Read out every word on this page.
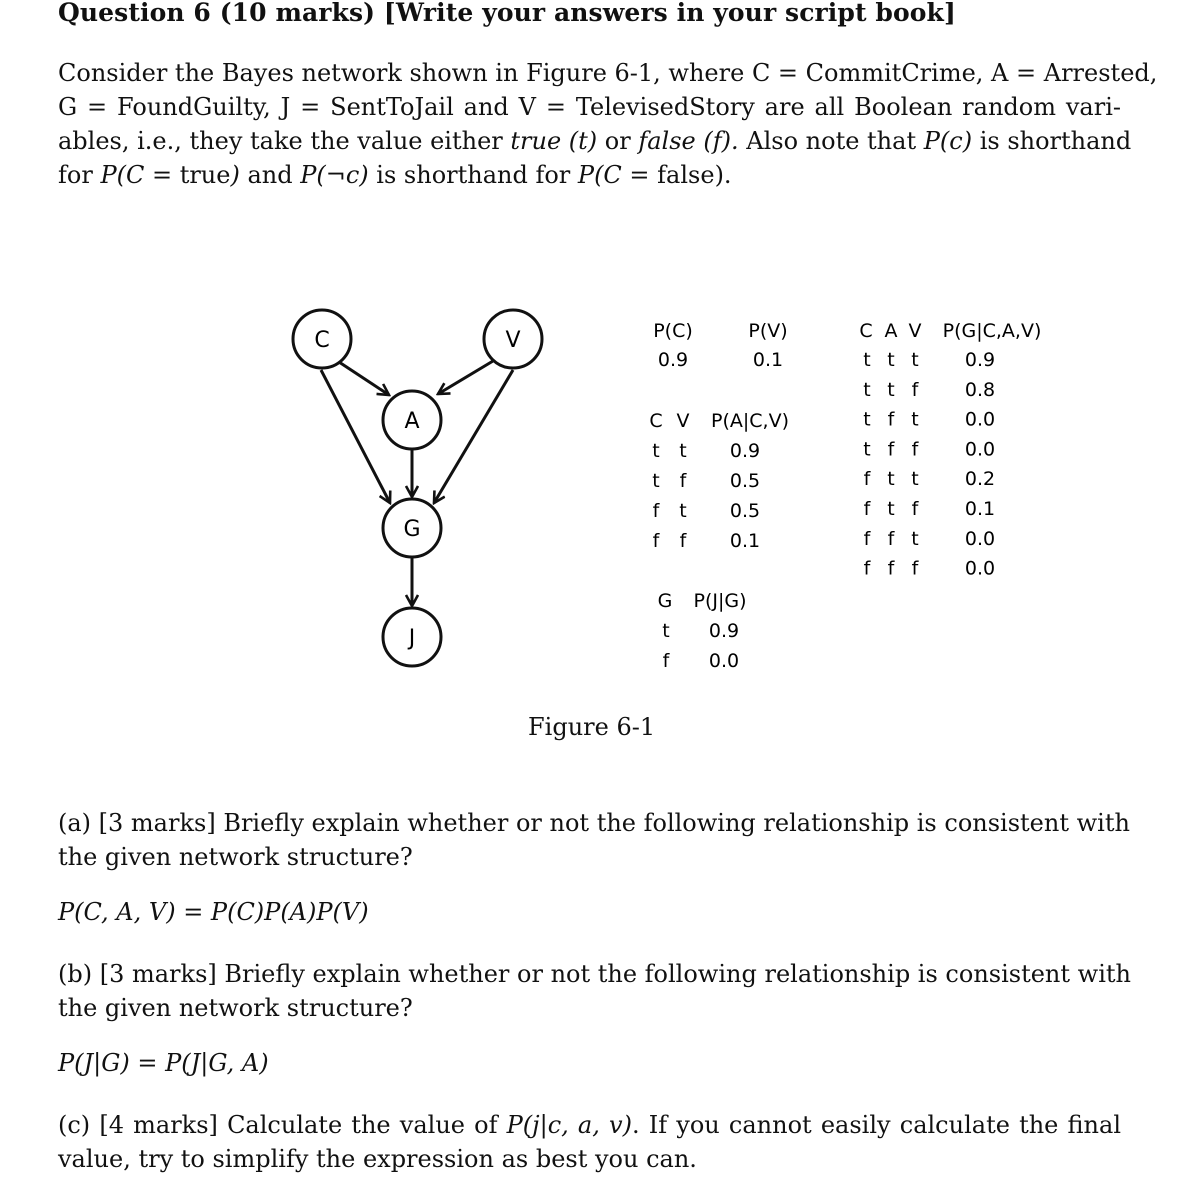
Question 6 (10 marks) [Write your answers in your script book]
Consider the Bayes network shown in Figure 6-1, where C = CommitCrime, A = Arrested,
G = FoundGuilty, J = SentToJail and V = TelevisedStory are all Boolean random vari-
ables, i.e., they take the value either true (t) or false (f). Also note that P(c) is shorthand
for P(C = true) and P(¬c) is shorthand for P(C = false).
C	V
A
G
J
P(C)	P(V)
0.9	0.1
C V P(A|C,V)
t t 0.9
t f 0.5
f t 0.5
f f 0.1
G P(J|G)
t 0.9
f 0.0
C A V P(G|C,A,V)
t t t 0.9
t t f 0.8
t f t 0.0
t f f 0.0
f t t 0.2
f t f 0.1
f f t 0.0
f f f 0.0
Figure 6-1
(a) [3 marks] Briefly explain whether or not the following relationship is consistent with
the given network structure?
P(C, A, V) = P(C)P(A)P(V)
(b) [3 marks] Briefly explain whether or not the following relationship is consistent with
the given network structure?
P(J|G) = P(J|G, A)
(c) [4 marks] Calculate the value of P(j|c, a, v). If you cannot easily calculate the final
value, try to simplify the expression as best you can.
